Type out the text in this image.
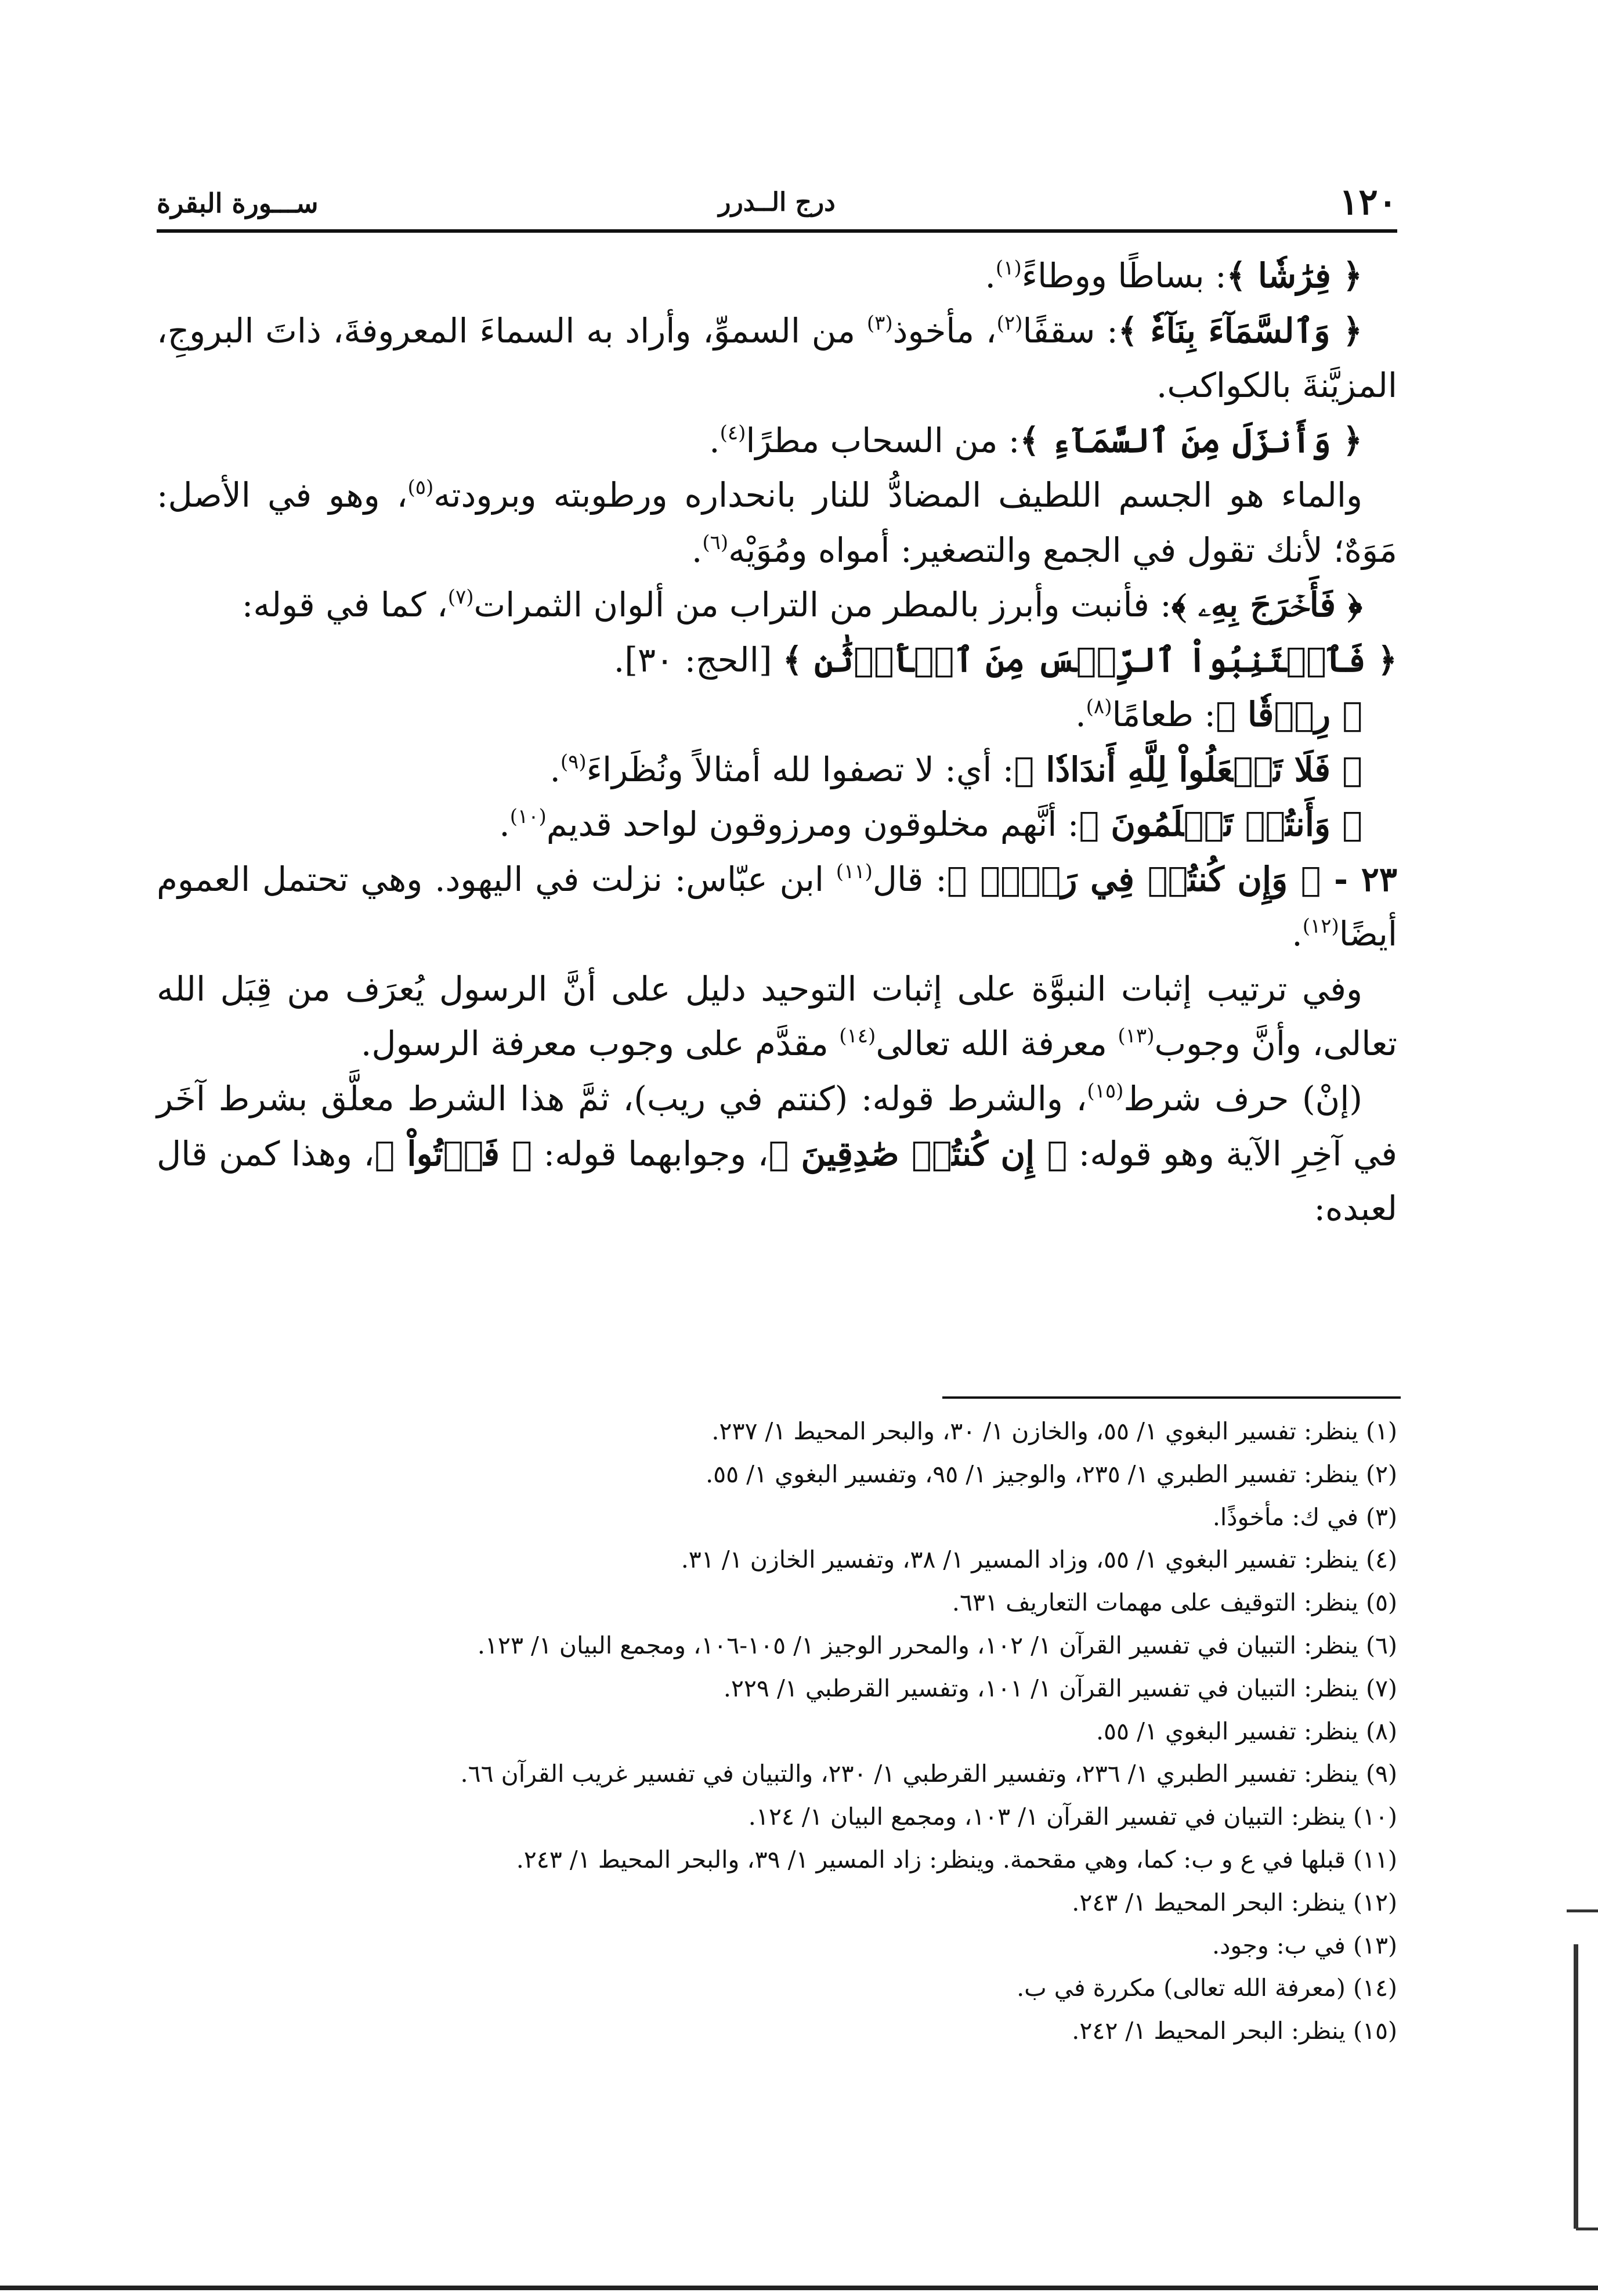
١٢٠
درج الــدرر
ســـورة البقرة

﴿ فِرَٰشٗا ﴾: بساطًا ووطاءً$^{(١)}$.

﴿ وَٱلسَّمَآءَ بِنَآءٗ ﴾: سقفًا$^{(٢)}$، مأخوذ$^{(٣)}$ من السموِّ، وأراد به السماءَ المعروفةَ، ذاتَ البروجِ، المزيَّنةَ بالكواكب.

﴿ وَأَنزَلَ مِنَ ٱلسَّمَآءِ ﴾: من السحاب مطرًا$^{(٤)}$.

والماء هو الجسم اللطيف المضادُّ للنار بانحداره ورطوبته وبرودته$^{(٥)}$، وهو في الأصل: مَوَهٌ؛ لأنك تقول في الجمع والتصغير: أمواه ومُوَيْه$^{(٦)}$.

﴿ فَأَخۡرَجَ بِهِۦ ﴾: فأنبت وأبرز بالمطر من التراب من ألوان الثمرات$^{(٧)}$، كما في قوله:

﴿ فَٱجۡتَنِبُواْ ٱلرِّجۡسَ مِنَ ٱلۡأَوۡثَٰنِ ﴾ [الحج: ٣٠].

﴿ رِزۡقٗا ﴾: طعامًا$^{(٨)}$.

﴿ فَلَا تَجۡعَلُواْ لِلَّهِ أَندَادٗا ﴾: أي: لا تصفوا لله أمثالاً ونُظَراءَ$^{(٩)}$.

﴿ وَأَنتُمۡ تَعۡلَمُونَ ﴾: أنَّهم مخلوقون ومرزوقون لواحد قديم$^{(١٠)}$.

٢٣ - ﴿ وَإِن كُنتُمۡ فِي رَيۡبٖ ﴾: قال$^{(١١)}$ ابن عبّاس: نزلت في اليهود. وهي تحتمل العموم أيضًا$^{(١٢)}$.

وفي ترتيب إثبات النبوَّة على إثبات التوحيد دليل على أنَّ الرسول يُعرَف من قِبَل الله تعالى، وأنَّ وجوب$^{(١٣)}$ معرفة الله تعالى$^{(١٤)}$ مقدَّم على وجوب معرفة الرسول.

(إنْ) حرف شرط$^{(١٥)}$، والشرط قوله: (كنتم في ريب)، ثمَّ هذا الشرط معلَّق بشرط آخَر في آخِرِ الآية وهو قوله: ﴿ إِن كُنتُمۡ صَٰدِقِينَ ﴾، وجوابهما قوله: ﴿ فَأۡتُواْ ﴾، وهذا كمن قال لعبده:

(١) ينظر: تفسير البغوي ١/ ٥٥، والخازن ١/ ٣٠، والبحر المحيط ١/ ٢٣٧.

(٢) ينظر: تفسير الطبري ١/ ٢٣٥، والوجيز ١/ ٩٥، وتفسير البغوي ١/ ٥٥.

(٣) في ك: مأخوذًا.

(٤) ينظر: تفسير البغوي ١/ ٥٥، وزاد المسير ١/ ٣٨، وتفسير الخازن ١/ ٣١.

(٥) ينظر: التوقيف على مهمات التعاريف ٦٣١.

(٦) ينظر: التبيان في تفسير القرآن ١/ ١٠٢، والمحرر الوجيز ١/ ١٠٥-١٠٦، ومجمع البيان ١/ ١٢٣.

(٧) ينظر: التبيان في تفسير القرآن ١/ ١٠١، وتفسير القرطبي ١/ ٢٢٩.

(٨) ينظر: تفسير البغوي ١/ ٥٥.

(٩) ينظر: تفسير الطبري ١/ ٢٣٦، وتفسير القرطبي ١/ ٢٣٠، والتبيان في تفسير غريب القرآن ٦٦.

(١٠) ينظر: التبيان في تفسير القرآن ١/ ١٠٣، ومجمع البيان ١/ ١٢٤.

(١١) قبلها في ع و ب: كما، وهي مقحمة. وينظر: زاد المسير ١/ ٣٩، والبحر المحيط ١/ ٢٤٣.

(١٢) ينظر: البحر المحيط ١/ ٢٤٣.

(١٣) في ب: وجود.

(١٤) (معرفة الله تعالى) مكررة في ب.

(١٥) ينظر: البحر المحيط ١/ ٢٤٢.
